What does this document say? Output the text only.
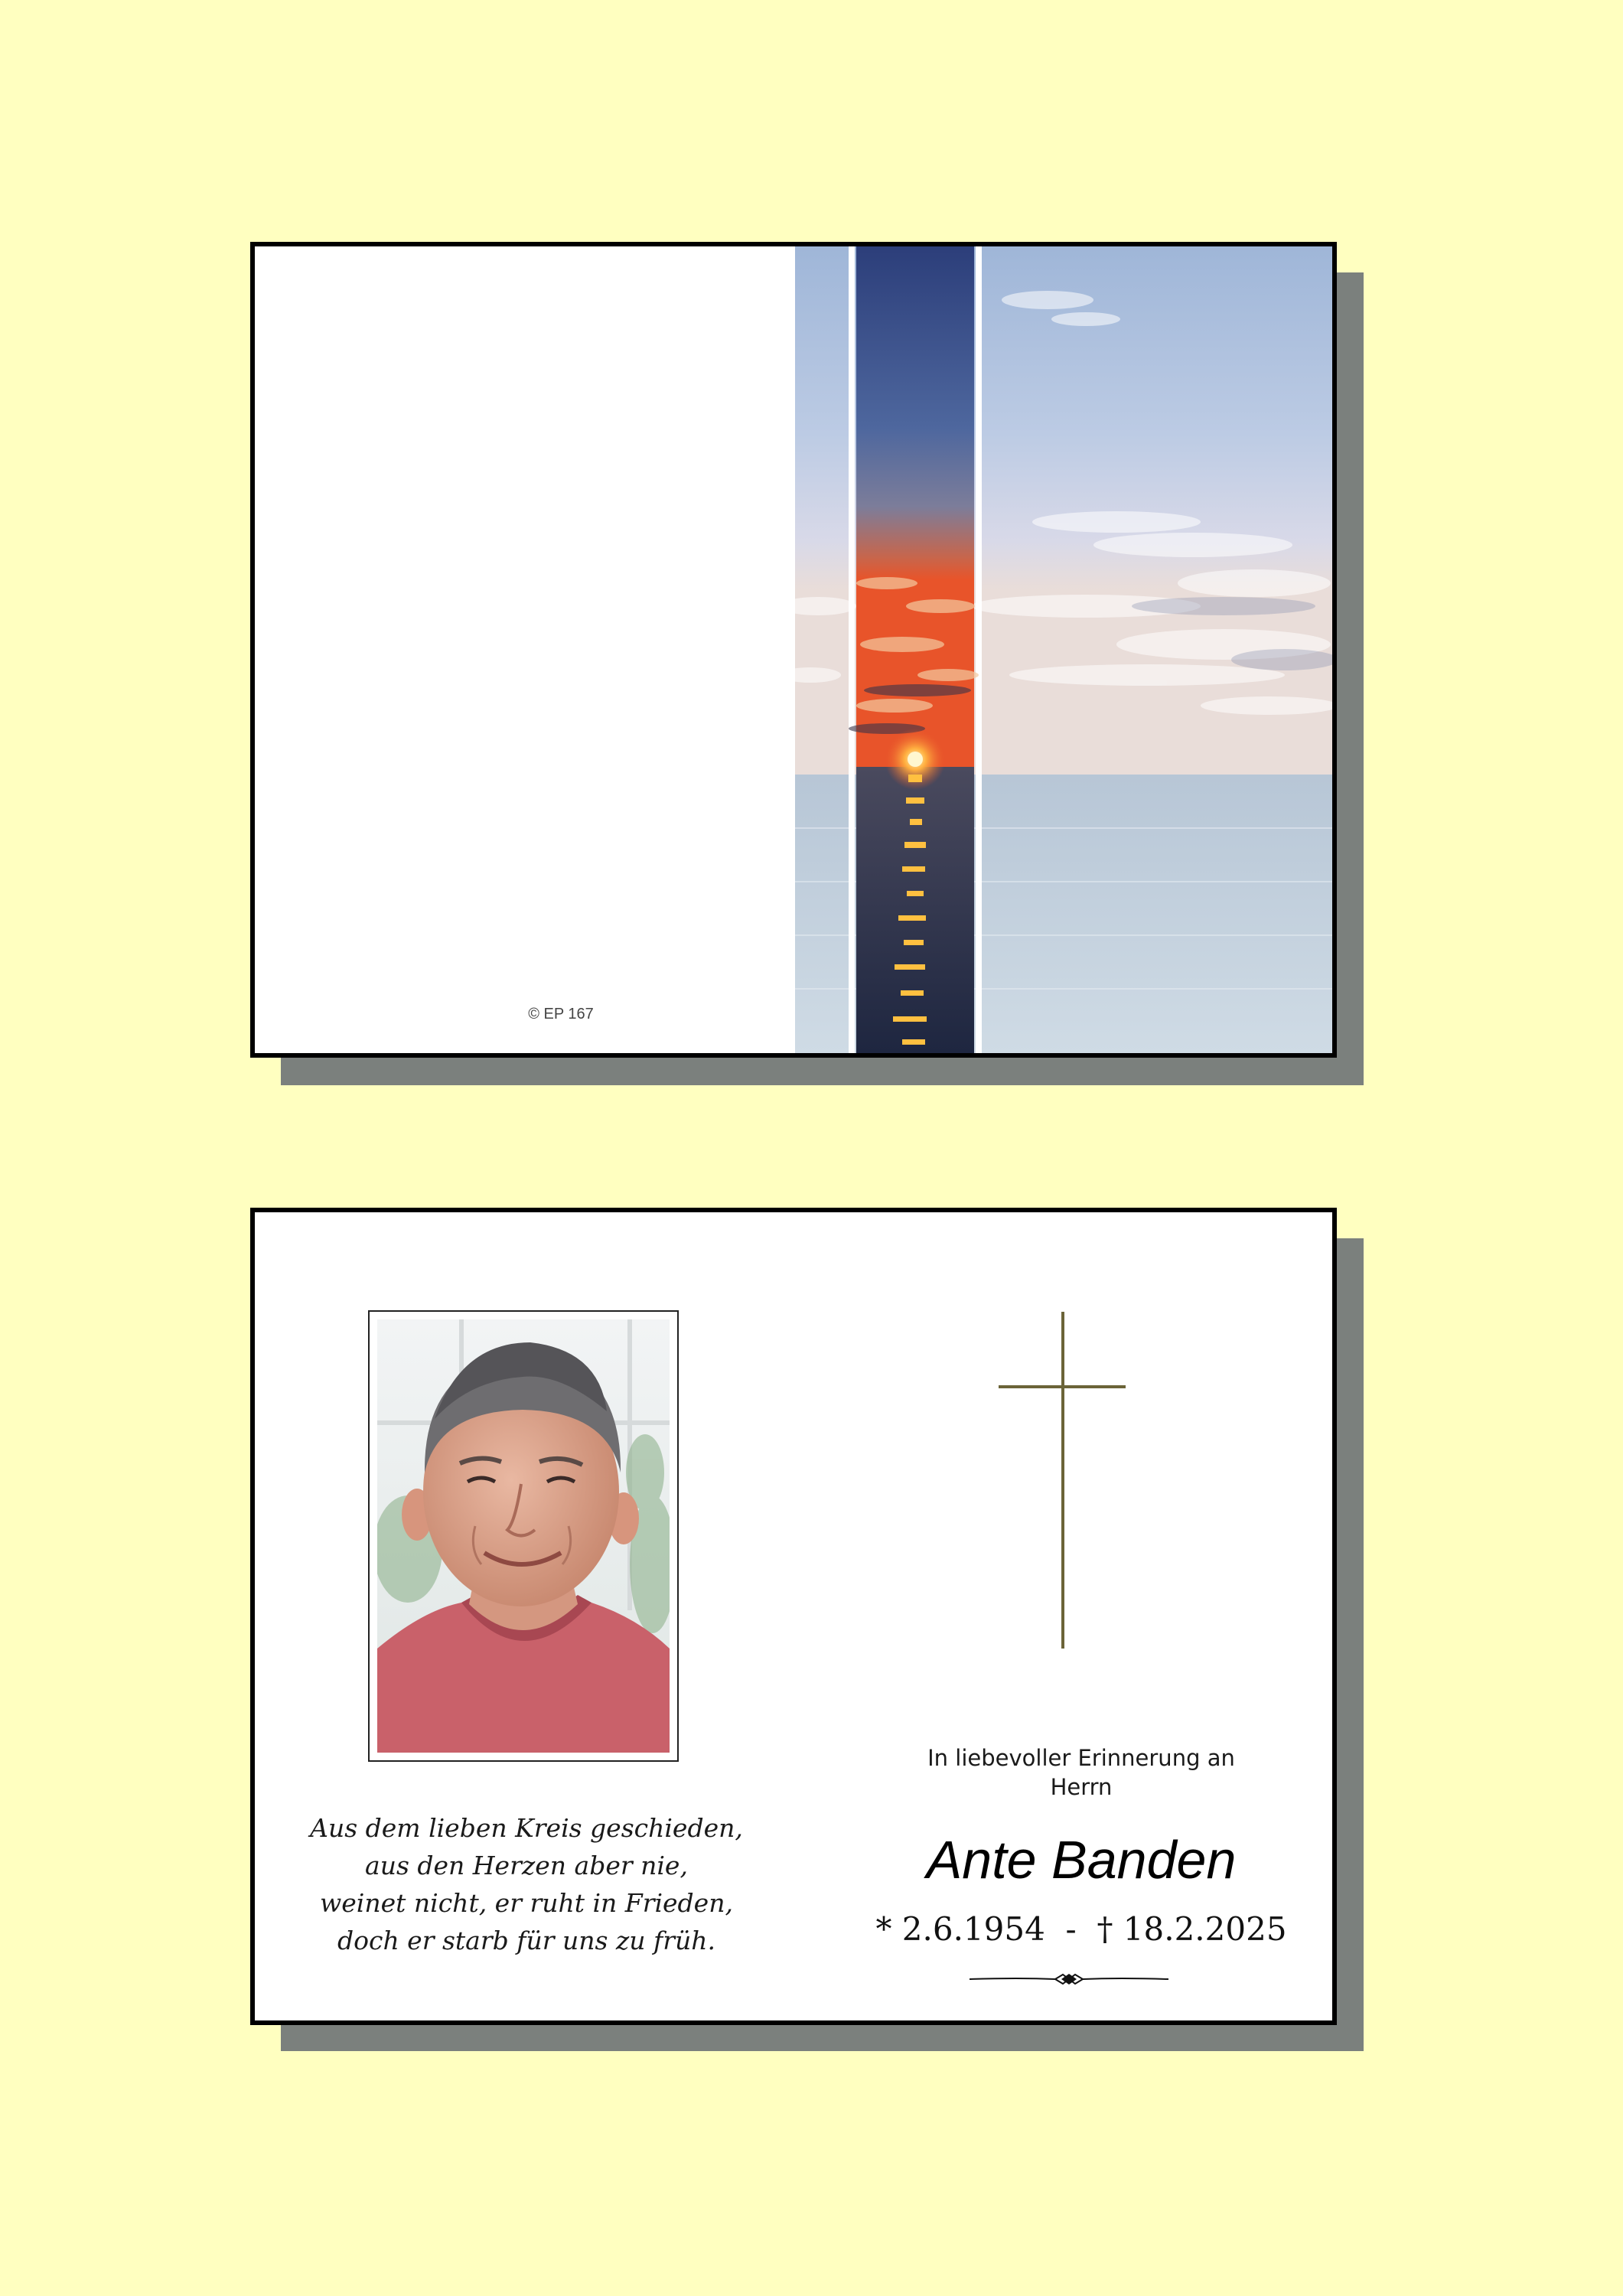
© EP 167
Aus dem lieben Kreis geschieden,
aus den Herzen aber nie,
weinet nicht, er ruht in Frieden,
doch er starb für uns zu früh.
In liebevoller Erinnerung an
Herrn
Ante Banden
* 2.6.1954 - † 18.2.2025
